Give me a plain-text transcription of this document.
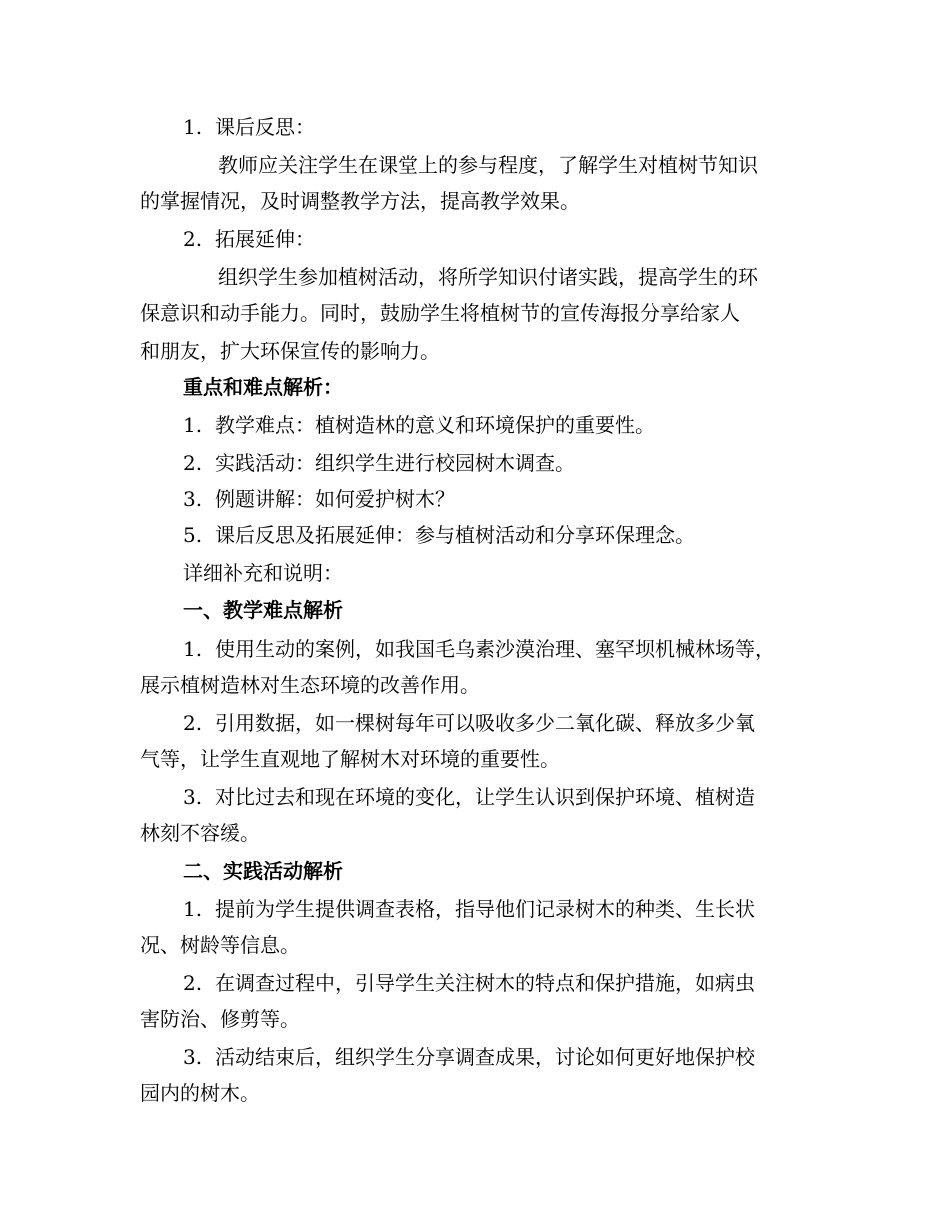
1. 课后反思：
教师应关注学生在课堂上的参与程度，了解学生对植树节知识
的掌握情况，及时调整教学方法，提高教学效果。
2. 拓展延伸：
组织学生参加植树活动，将所学知识付诸实践，提高学生的环
保意识和动手能力。同时，鼓励学生将植树节的宣传海报分享给家人
和朋友，扩大环保宣传的影响力。
重点和难点解析：
1. 教学难点：植树造林的意义和环境保护的重要性。
2. 实践活动：组织学生进行校园树木调查。
3. 例题讲解：如何爱护树木？
5. 课后反思及拓展延伸：参与植树活动和分享环保理念。
详细补充和说明：
一、教学难点解析
1. 使用生动的案例，如我国毛乌素沙漠治理、塞罕坝机械林场等，
展示植树造林对生态环境的改善作用。
2. 引用数据，如一棵树每年可以吸收多少二氧化碳、释放多少氧
气等，让学生直观地了解树木对环境的重要性。
3. 对比过去和现在环境的变化，让学生认识到保护环境、植树造
林刻不容缓。
二、实践活动解析
1. 提前为学生提供调查表格，指导他们记录树木的种类、生长状
况、树龄等信息。
2. 在调查过程中，引导学生关注树木的特点和保护措施，如病虫
害防治、修剪等。
3. 活动结束后，组织学生分享调查成果，讨论如何更好地保护校
园内的树木。
